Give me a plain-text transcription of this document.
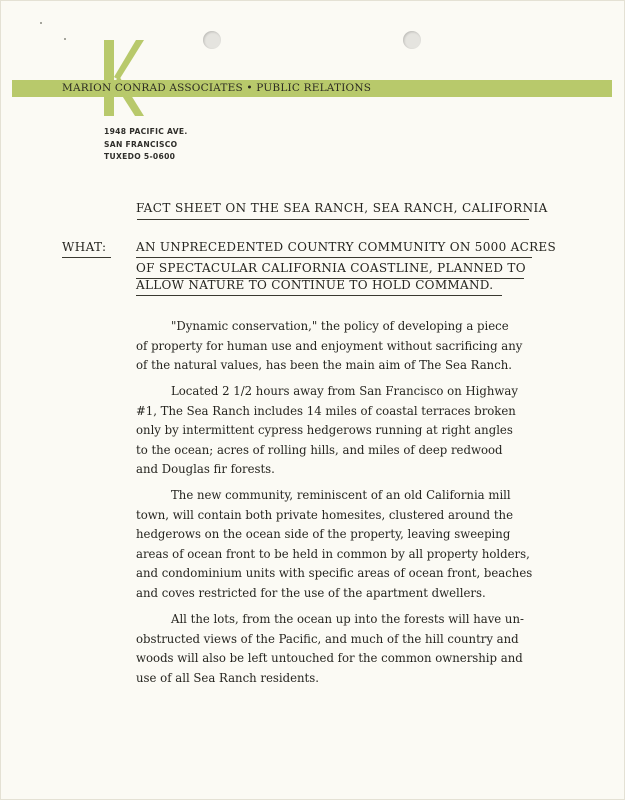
MARION CONRAD ASSOCIATES • PUBLIC RELATIONS
1948 PACIFIC AVE.
SAN FRANCISCO
TUXEDO 5-0600
FACT SHEET ON THE SEA RANCH, SEA RANCH, CALIFORNIA
WHAT: AN UNPRECEDENTED COUNTRY COMMUNITY ON 5000 ACRES
OF SPECTACULAR CALIFORNIA COASTLINE, PLANNED TO
ALLOW NATURE TO CONTINUE TO HOLD COMMAND.
"Dynamic conservation," the policy of developing a piece
of property for human use and enjoyment without sacrificing any
of the natural values, has been the main aim of The Sea Ranch.
Located 2 1/2 hours away from San Francisco on Highway
#1, The Sea Ranch includes 14 miles of coastal terraces broken
only by intermittent cypress hedgerows running at right angles
to the ocean; acres of rolling hills, and miles of deep redwood
and Douglas fir forests.
The new community, reminiscent of an old California mill
town, will contain both private homesites, clustered around the
hedgerows on the ocean side of the property, leaving sweeping
areas of ocean front to be held in common by all property holders,
and condominium units with specific areas of ocean front, beaches
and coves restricted for the use of the apartment dwellers.
All the lots, from the ocean up into the forests will have un-
obstructed views of the Pacific, and much of the hill country and
woods will also be left untouched for the common ownership and
use of all Sea Ranch residents.
